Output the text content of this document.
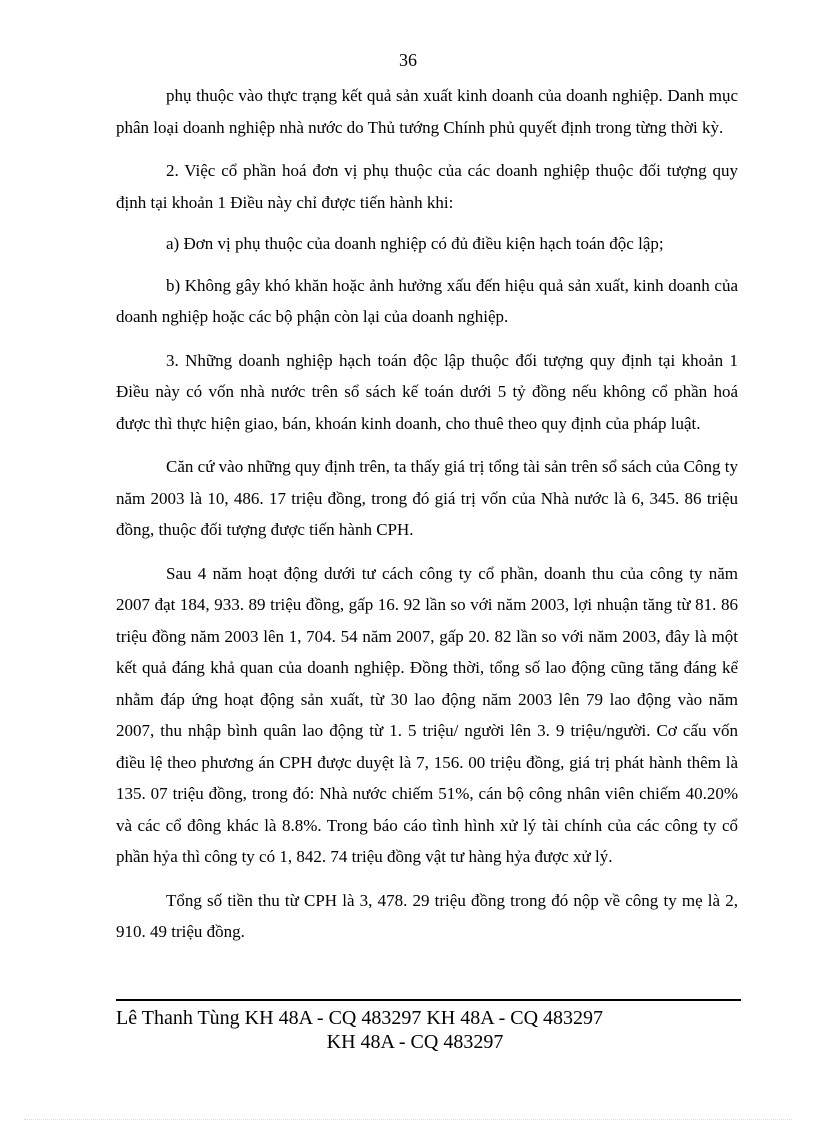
36

phụ thuộc vào thực trạng kết quả sản xuất kinh doanh của doanh nghiệp. Danh mục phân loại doanh nghiệp nhà nước do Thủ tướng Chính phủ quyết định trong từng thời kỳ.

2. Việc cổ phần hoá đơn vị phụ thuộc của các doanh nghiệp thuộc đối tượng quy định tại khoản 1 Điều này chỉ được tiến hành khi:

a) Đơn vị phụ thuộc của doanh nghiệp có đủ điều kiện hạch toán độc lập;

b) Không gây khó khăn hoặc ảnh hưởng xấu đến hiệu quả sản xuất, kinh doanh của doanh nghiệp hoặc các bộ phận còn lại của doanh nghiệp.

3. Những doanh nghiệp hạch toán độc lập thuộc đối tượng quy định tại khoản 1 Điều này có vốn nhà nước trên sổ sách kế toán dưới 5 tỷ đồng nếu không cổ phần hoá được thì thực hiện giao, bán, khoán kinh doanh, cho thuê theo quy định của pháp luật.

Căn cứ vào những quy định trên, ta thấy giá trị tổng tài sản trên sổ sách của Công ty năm 2003 là 10, 486. 17 triệu đồng, trong đó giá trị vốn của Nhà nước là 6, 345. 86 triệu đồng, thuộc đối tượng được tiến hành CPH.

Sau 4 năm hoạt động dưới tư cách công ty cổ phần, doanh thu của công ty năm 2007 đạt 184, 933. 89 triệu đồng, gấp 16. 92 lần so với năm 2003, lợi nhuận tăng từ 81. 86 triệu đồng năm 2003 lên 1, 704. 54 năm 2007, gấp 20. 82 lần so với năm 2003, đây là một kết quả đáng khả quan của doanh nghiệp. Đồng thời, tổng số lao động cũng tăng đáng kể nhằm đáp ứng hoạt động sản xuất, từ 30 lao động năm 2003 lên 79 lao động vào năm 2007, thu nhập bình quân lao động từ 1. 5 triệu/ người lên 3. 9 triệu/người. Cơ cấu vốn điều lệ theo phương án CPH được duyệt là 7, 156. 00 triệu đồng, giá trị phát hành thêm là 135. 07 triệu đồng, trong đó: Nhà nước chiếm 51%, cán bộ công nhân viên chiếm 40.20% và các cổ đông khác là 8.8%. Trong báo cáo tình hình xử lý tài chính của các công ty cổ phần hỷa thì công ty có 1, 842. 74 triệu đồng vật tư hàng hỷa được xử lý.

Tổng số tiền thu từ CPH là 3, 478. 29 triệu đồng trong đó nộp về công ty mẹ là 2, 910. 49 triệu đồng.

Lê Thanh Tùng KH 48A - CQ 483297 KH 48A - CQ 483297
KH 48A - CQ 483297
